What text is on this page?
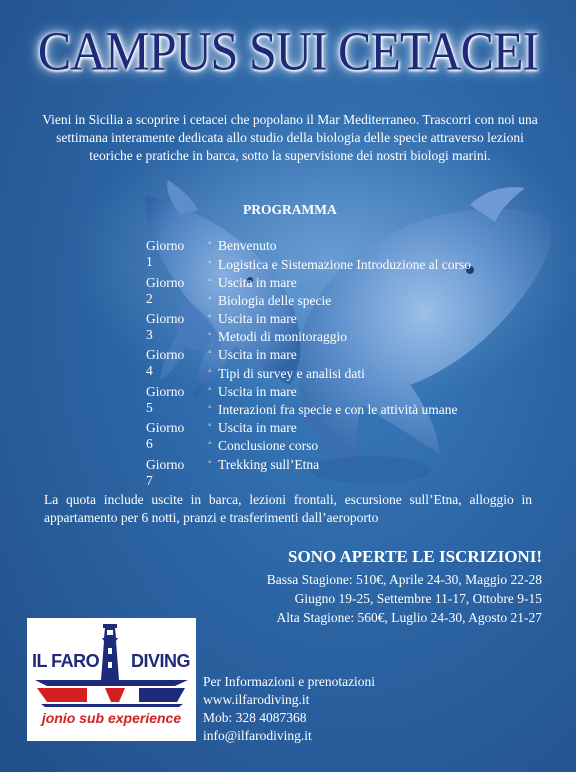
CAMPUS SUI CETACEI
Vieni in Sicilia a scoprire i cetacei che popolano il Mar Mediterraneo. Trascorri con noi una settimana interamente dedicata allo studio della biologia delle specie attraverso lezioni teoriche e pratiche in barca, sotto la supervisione dei nostri biologi marini.
PROGRAMMA
Giorno 1
◦ Benvenuto
◦ Logistica e Sistemazione Introduzione al corso
Giorno 2
◦ Uscita in mare
◦ Biologia delle specie
Giorno 3
◦ Uscita in mare
◦ Metodi di monitoraggio
Giorno 4
◦ Uscita in mare
◦ Tipi di survey e analisi dati
Giorno 5
◦ Uscita in mare
◦ Interazioni fra specie e con le attività umane
Giorno 6
◦ Uscita in mare
◦ Conclusione corso
Giorno 7
◦ Trekking sull’Etna
La quota include uscite in barca, lezioni frontali, escursione sull’Etna, alloggio in appartamento per 6 notti, pranzi e trasferimenti dall’aeroporto
SONO APERTE LE ISCRIZIONI!
Bassa Stagione: 510€, Aprile 24-30, Maggio 22-28
Giugno 19-25, Settembre 11-17, Ottobre 9-15
Alta Stagione: 560€, Luglio 24-30, Agosto 21-27
IL FARO DIVING
jonio sub experience
Per Informazioni e prenotazioni
www.ilfarodiving.it
Mob: 328 4087368
info@ilfarodiving.it
